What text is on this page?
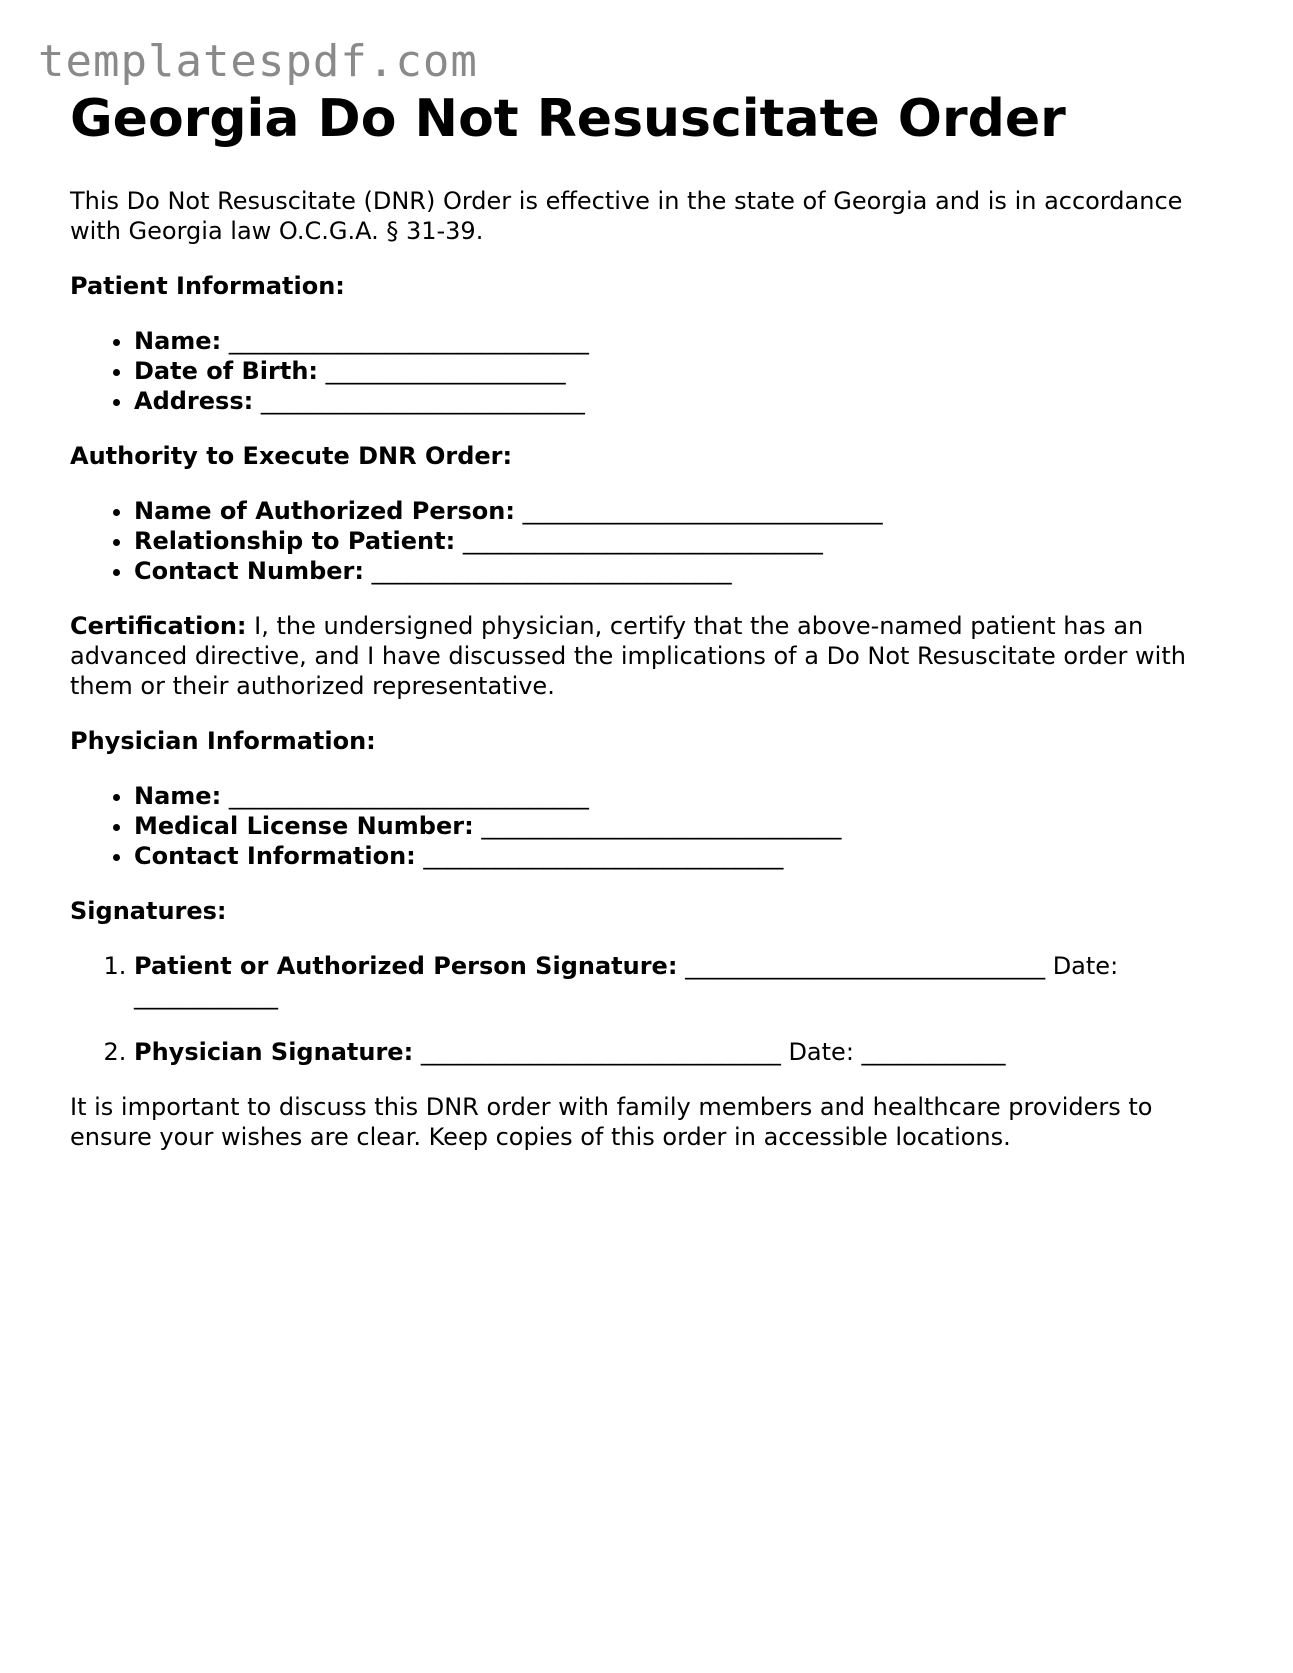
templatespdf.com
Georgia Do Not Resuscitate Order

This Do Not Resuscitate (DNR) Order is effective in the state of Georgia and is in accordance with Georgia law O.C.G.A. § 31-39.

Patient Information:

• Name: ______________________________
• Date of Birth: ____________________
• Address: ___________________________

Authority to Execute DNR Order:

• Name of Authorized Person: ______________________________
• Relationship to Patient: ______________________________
• Contact Number: ______________________________

Certification: I, the undersigned physician, certify that the above-named patient has an advanced directive, and I have discussed the implications of a Do Not Resuscitate order with them or their authorized representative.

Physician Information:

• Name: ______________________________
• Medical License Number: ______________________________
• Contact Information: ______________________________

Signatures:

1. Patient or Authorized Person Signature: ______________________________ Date: ____________
2. Physician Signature: ______________________________ Date: ____________

It is important to discuss this DNR order with family members and healthcare providers to ensure your wishes are clear. Keep copies of this order in accessible locations.
